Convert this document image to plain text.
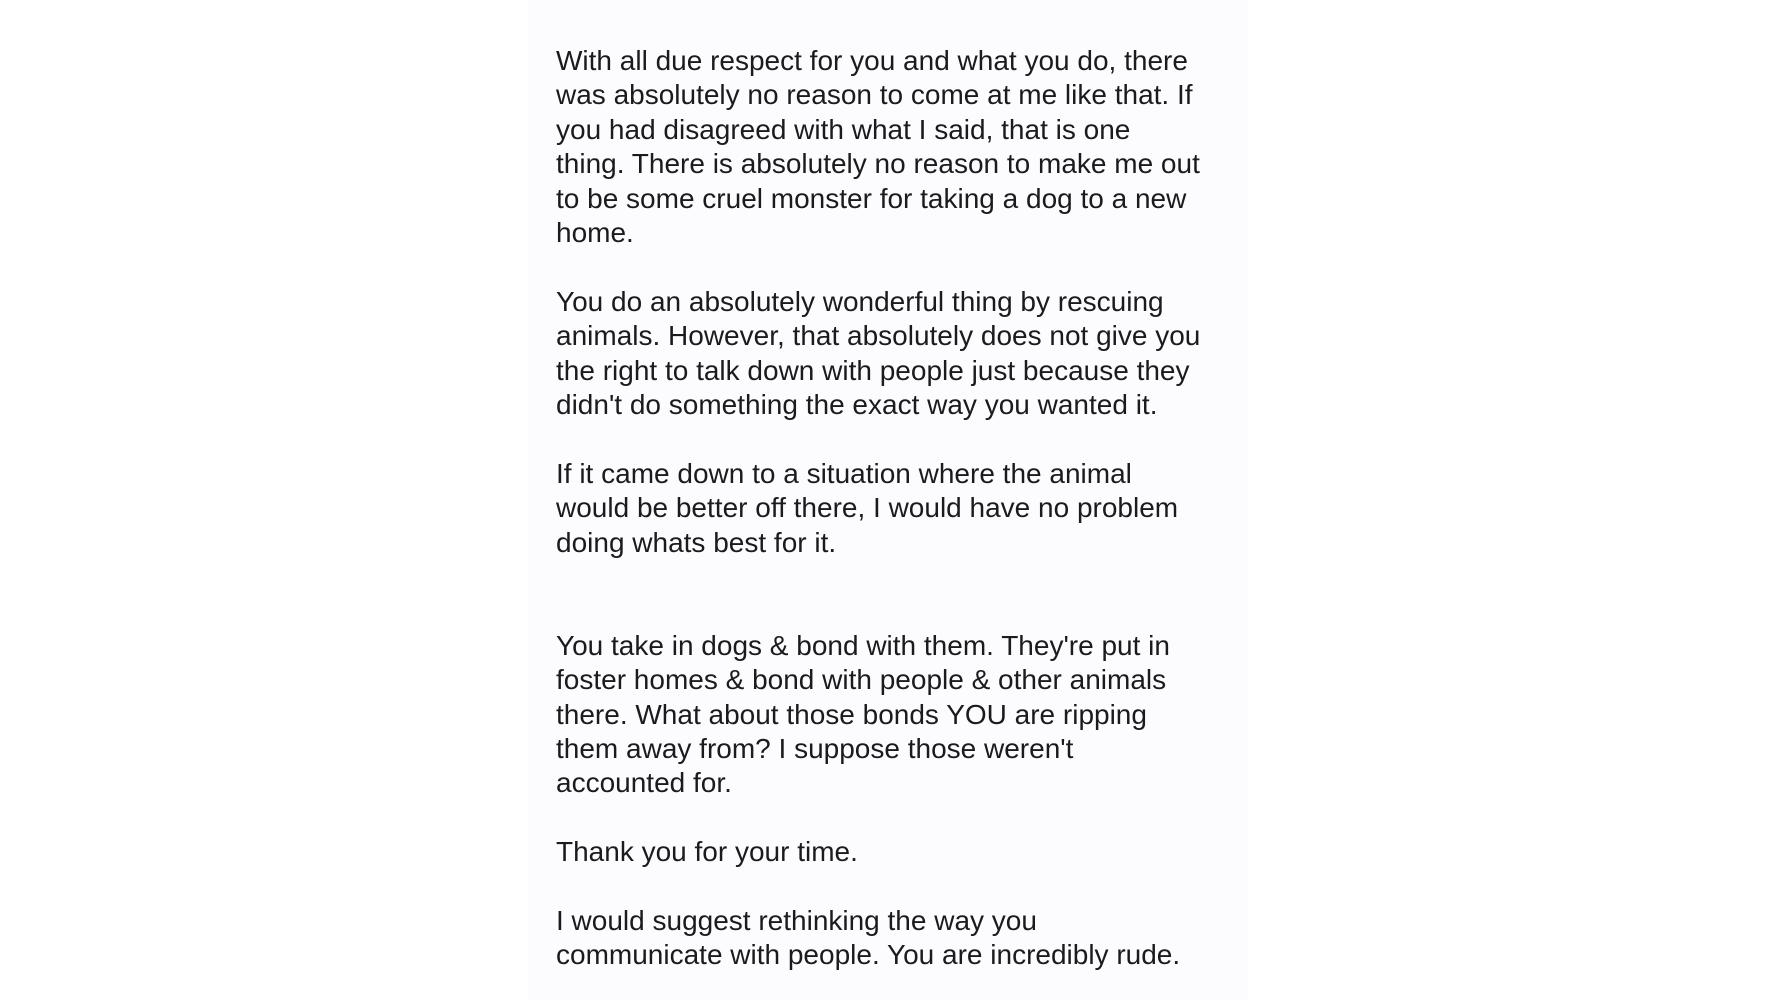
With all due respect for you and what you do, there
was absolutely no reason to come at me like that. If
you had disagreed with what I said, that is one
thing. There is absolutely no reason to make me out
to be some cruel monster for taking a dog to a new
home.

You do an absolutely wonderful thing by rescuing
animals. However, that absolutely does not give you
the right to talk down with people just because they
didn't do something the exact way you wanted it.

If it came down to a situation where the animal
would be better off there, I would have no problem
doing whats best for it.

You take in dogs & bond with them. They're put in
foster homes & bond with people & other animals
there. What about those bonds YOU are ripping
them away from? I suppose those weren't
accounted for.

Thank you for your time.

I would suggest rethinking the way you
communicate with people. You are incredibly rude.
